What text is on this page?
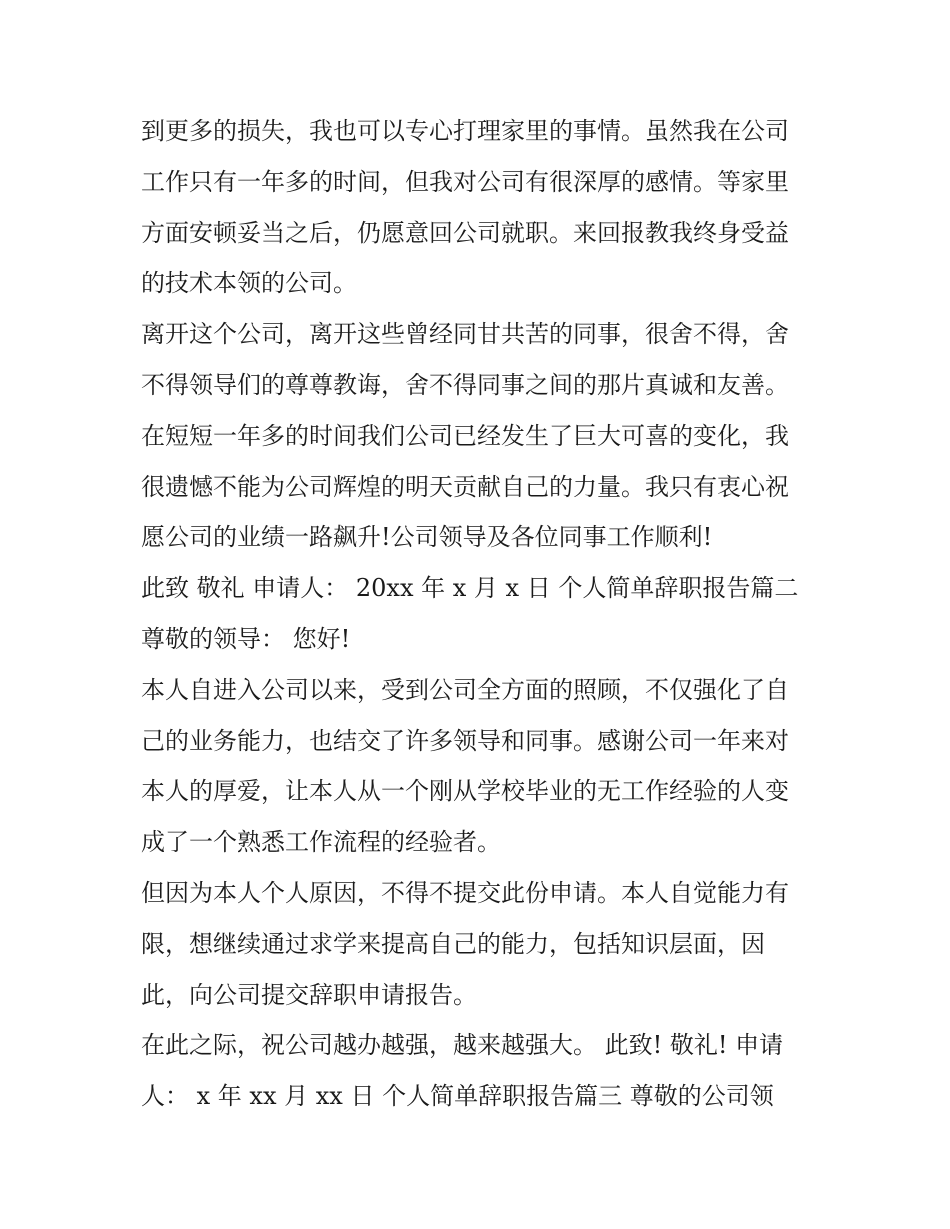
到更多的损失，我也可以专心打理家里的事情。虽然我在公司
工作只有一年多的时间，但我对公司有很深厚的感情。等家里
方面安顿妥当之后，仍愿意回公司就职。来回报教我终身受益
的技术本领的公司。
离开这个公司，离开这些曾经同甘共苦的同事，很舍不得，舍
不得领导们的尊尊教诲，舍不得同事之间的那片真诚和友善。
在短短一年多的时间我们公司已经发生了巨大可喜的变化，我
很遗憾不能为公司辉煌的明天贡献自己的力量。我只有衷心祝
愿公司的业绩一路飙升!公司领导及各位同事工作顺利!
此致 敬礼 申请人： 20xx 年 x 月 x 日 个人简单辞职报告篇二
尊敬的领导： 您好!
本人自进入公司以来，受到公司全方面的照顾，不仅强化了自
己的业务能力，也结交了许多领导和同事。感谢公司一年来对
本人的厚爱，让本人从一个刚从学校毕业的无工作经验的人变
成了一个熟悉工作流程的经验者。
但因为本人个人原因，不得不提交此份申请。本人自觉能力有
限，想继续通过求学来提高自己的能力，包括知识层面，因
此，向公司提交辞职申请报告。
在此之际，祝公司越办越强，越来越强大。 此致! 敬礼! 申请
人： x 年 xx 月 xx 日 个人简单辞职报告篇三 尊敬的公司领
